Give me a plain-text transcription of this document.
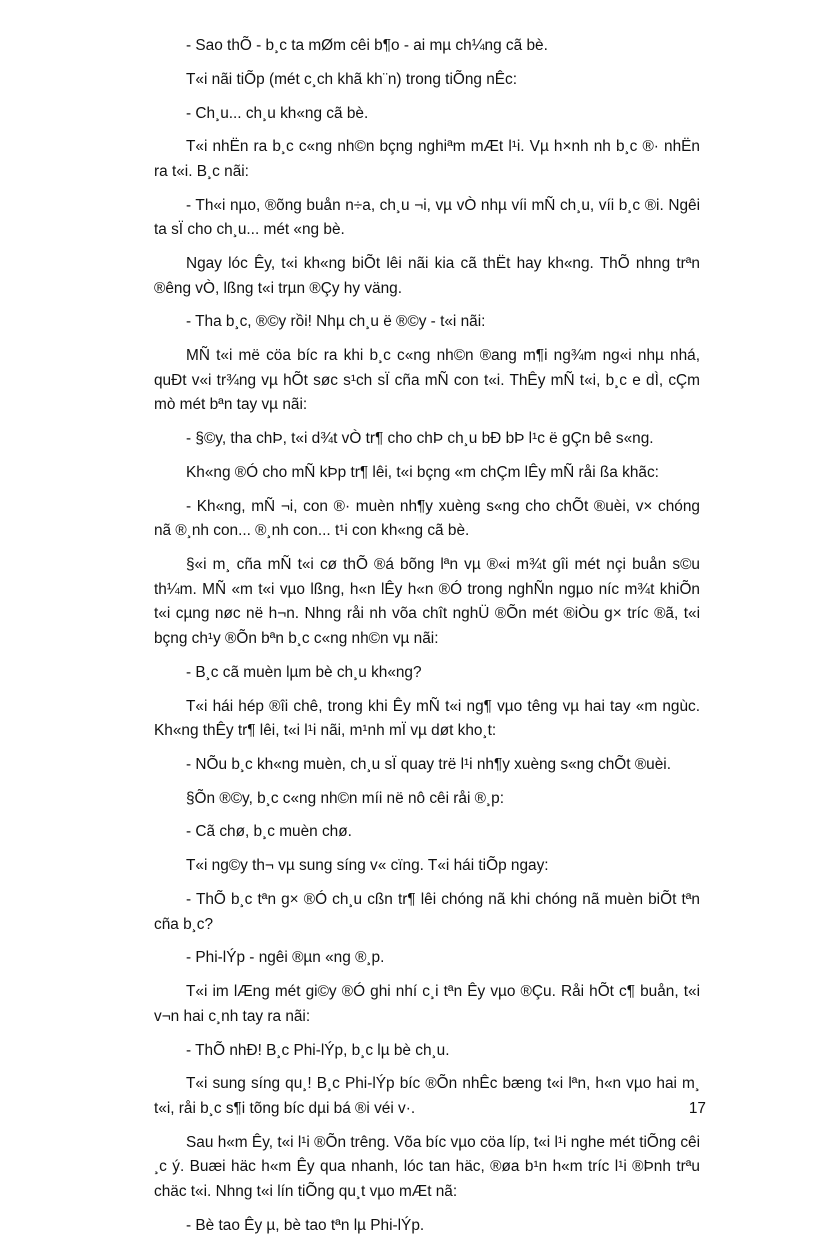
- Sao thÕ - b¸c ta mØm cêi b¶o - ai mµ ch¼ng cã bè.

T«i nãi tiÕp (mét c¸ch khã kh¨n) trong tiÕng nÊc:

- Ch¸u... ch¸u kh«ng cã bè.

T«i nhËn ra b¸c c«ng nh©n bçng nghiªm mÆt l¹i. Vµ h×nh nh b¸c ®· nhËn ra t«i. B¸c nãi:

- Th«i nµo, ®õng buån n÷a, ch¸u ¬i, vµ vÒ nhµ víi mÑ ch¸u, víi b¸c ®i. Ngêi ta sÏ cho ch¸u... mét «ng bè.

Ngay lóc Êy, t«i kh«ng biÕt lêi nãi kia cã thËt hay kh«ng. ThÕ nhng trªn ®êng vÒ, lßng t«i trµn ®Çy hy väng.

- Tha b¸c, ®©y rồi! Nhµ ch¸u ë ®©y - t«i nãi:

MÑ t«i më cöa bíc ra khi b¸c c«ng nh©n ®ang m¶i ng¾m ng«i nhµ nhá, quÐt v«i tr¾ng vµ hÕt søc s¹ch sÏ cña mÑ con t«i. ThÊy mÑ t«i, b¸c e dÌ, cÇm mò mét bªn tay vµ nãi:

- §©y, tha chÞ, t«i d¾t vÒ tr¶ cho chÞ ch¸u bÐ bÞ l¹c ë gÇn bê s«ng.

Kh«ng ®Ó cho mÑ kÞp tr¶ lêi, t«i bçng «m chÇm lÊy mÑ råi ßa khãc:

- Kh«ng, mÑ ¬i, con ®· muèn nh¶y xuèng s«ng cho chÕt ®uèi, v× chóng nã ®¸nh con... ®¸nh con... t¹i con kh«ng cã bè.

§«i m¸ cña mÑ t«i cø thÕ ®á bõng lªn vµ ®«i m¾t gîi mét nçi buån s©u th¼m. MÑ «m t«i vµo lßng, h«n lÊy h«n ®Ó trong nghÑn ngµo níc m¾t khiÕn t«i cµng nøc në h¬n. Nhng råi nh võa chît nghÜ ®Õn mét ®iÒu g× tríc ®ã, t«i bçng ch¹y ®Õn bªn b¸c c«ng nh©n vµ nãi:

- B¸c cã muèn lµm bè ch¸u kh«ng?

T«i hái hép ®îi chê, trong khi Êy mÑ t«i ng¶ vµo têng vµ hai tay «m ngùc. Kh«ng thÊy tr¶ lêi, t«i l¹i nãi, m¹nh mÏ vµ døt kho¸t:

- NÕu b¸c kh«ng muèn, ch¸u sÏ quay trë l¹i nh¶y xuèng s«ng chÕt ®uèi.

§Õn ®©y, b¸c c«ng nh©n míi në nô cêi råi ®¸p:

- Cã chø, b¸c muèn chø.

T«i ng©y th¬ vµ sung síng v« cïng. T«i hái tiÕp ngay:

- ThÕ b¸c tªn g× ®Ó ch¸u cßn tr¶ lêi chóng nã khi chóng nã muèn biÕt tªn cña b¸c?

- Phi-lÝp - ngêi ®µn «ng ®¸p.

T«i im lÆng mét gi©y ®Ó ghi nhí c¸i tªn Êy vµo ®Çu. Råi hÕt c¶ buån, t«i v¬n hai c¸nh tay ra nãi:

- ThÕ nhÐ! B¸c Phi-lÝp, b¸c lµ bè ch¸u.

T«i sung síng qu¸! B¸c Phi-lÝp bíc ®Õn nhÊc bæng t«i lªn, h«n vµo hai m¸ t«i, råi b¸c s¶i tõng bíc dµi bá ®i véi v·.

Sau h«m Êy, t«i l¹i ®Õn trêng. Võa bíc vµo cöa líp, t«i l¹i nghe mét tiÕng cêi ¸c ý. Buæi häc h«m Êy qua nhanh, lóc tan häc, ®øa b¹n h«m tríc l¹i ®Þnh trªu chäc t«i. Nhng t«i lín tiÕng qu¸t vµo mÆt nã:

- Bè tao Êy µ, bè tao tªn lµ Phi-lÝp.

17
